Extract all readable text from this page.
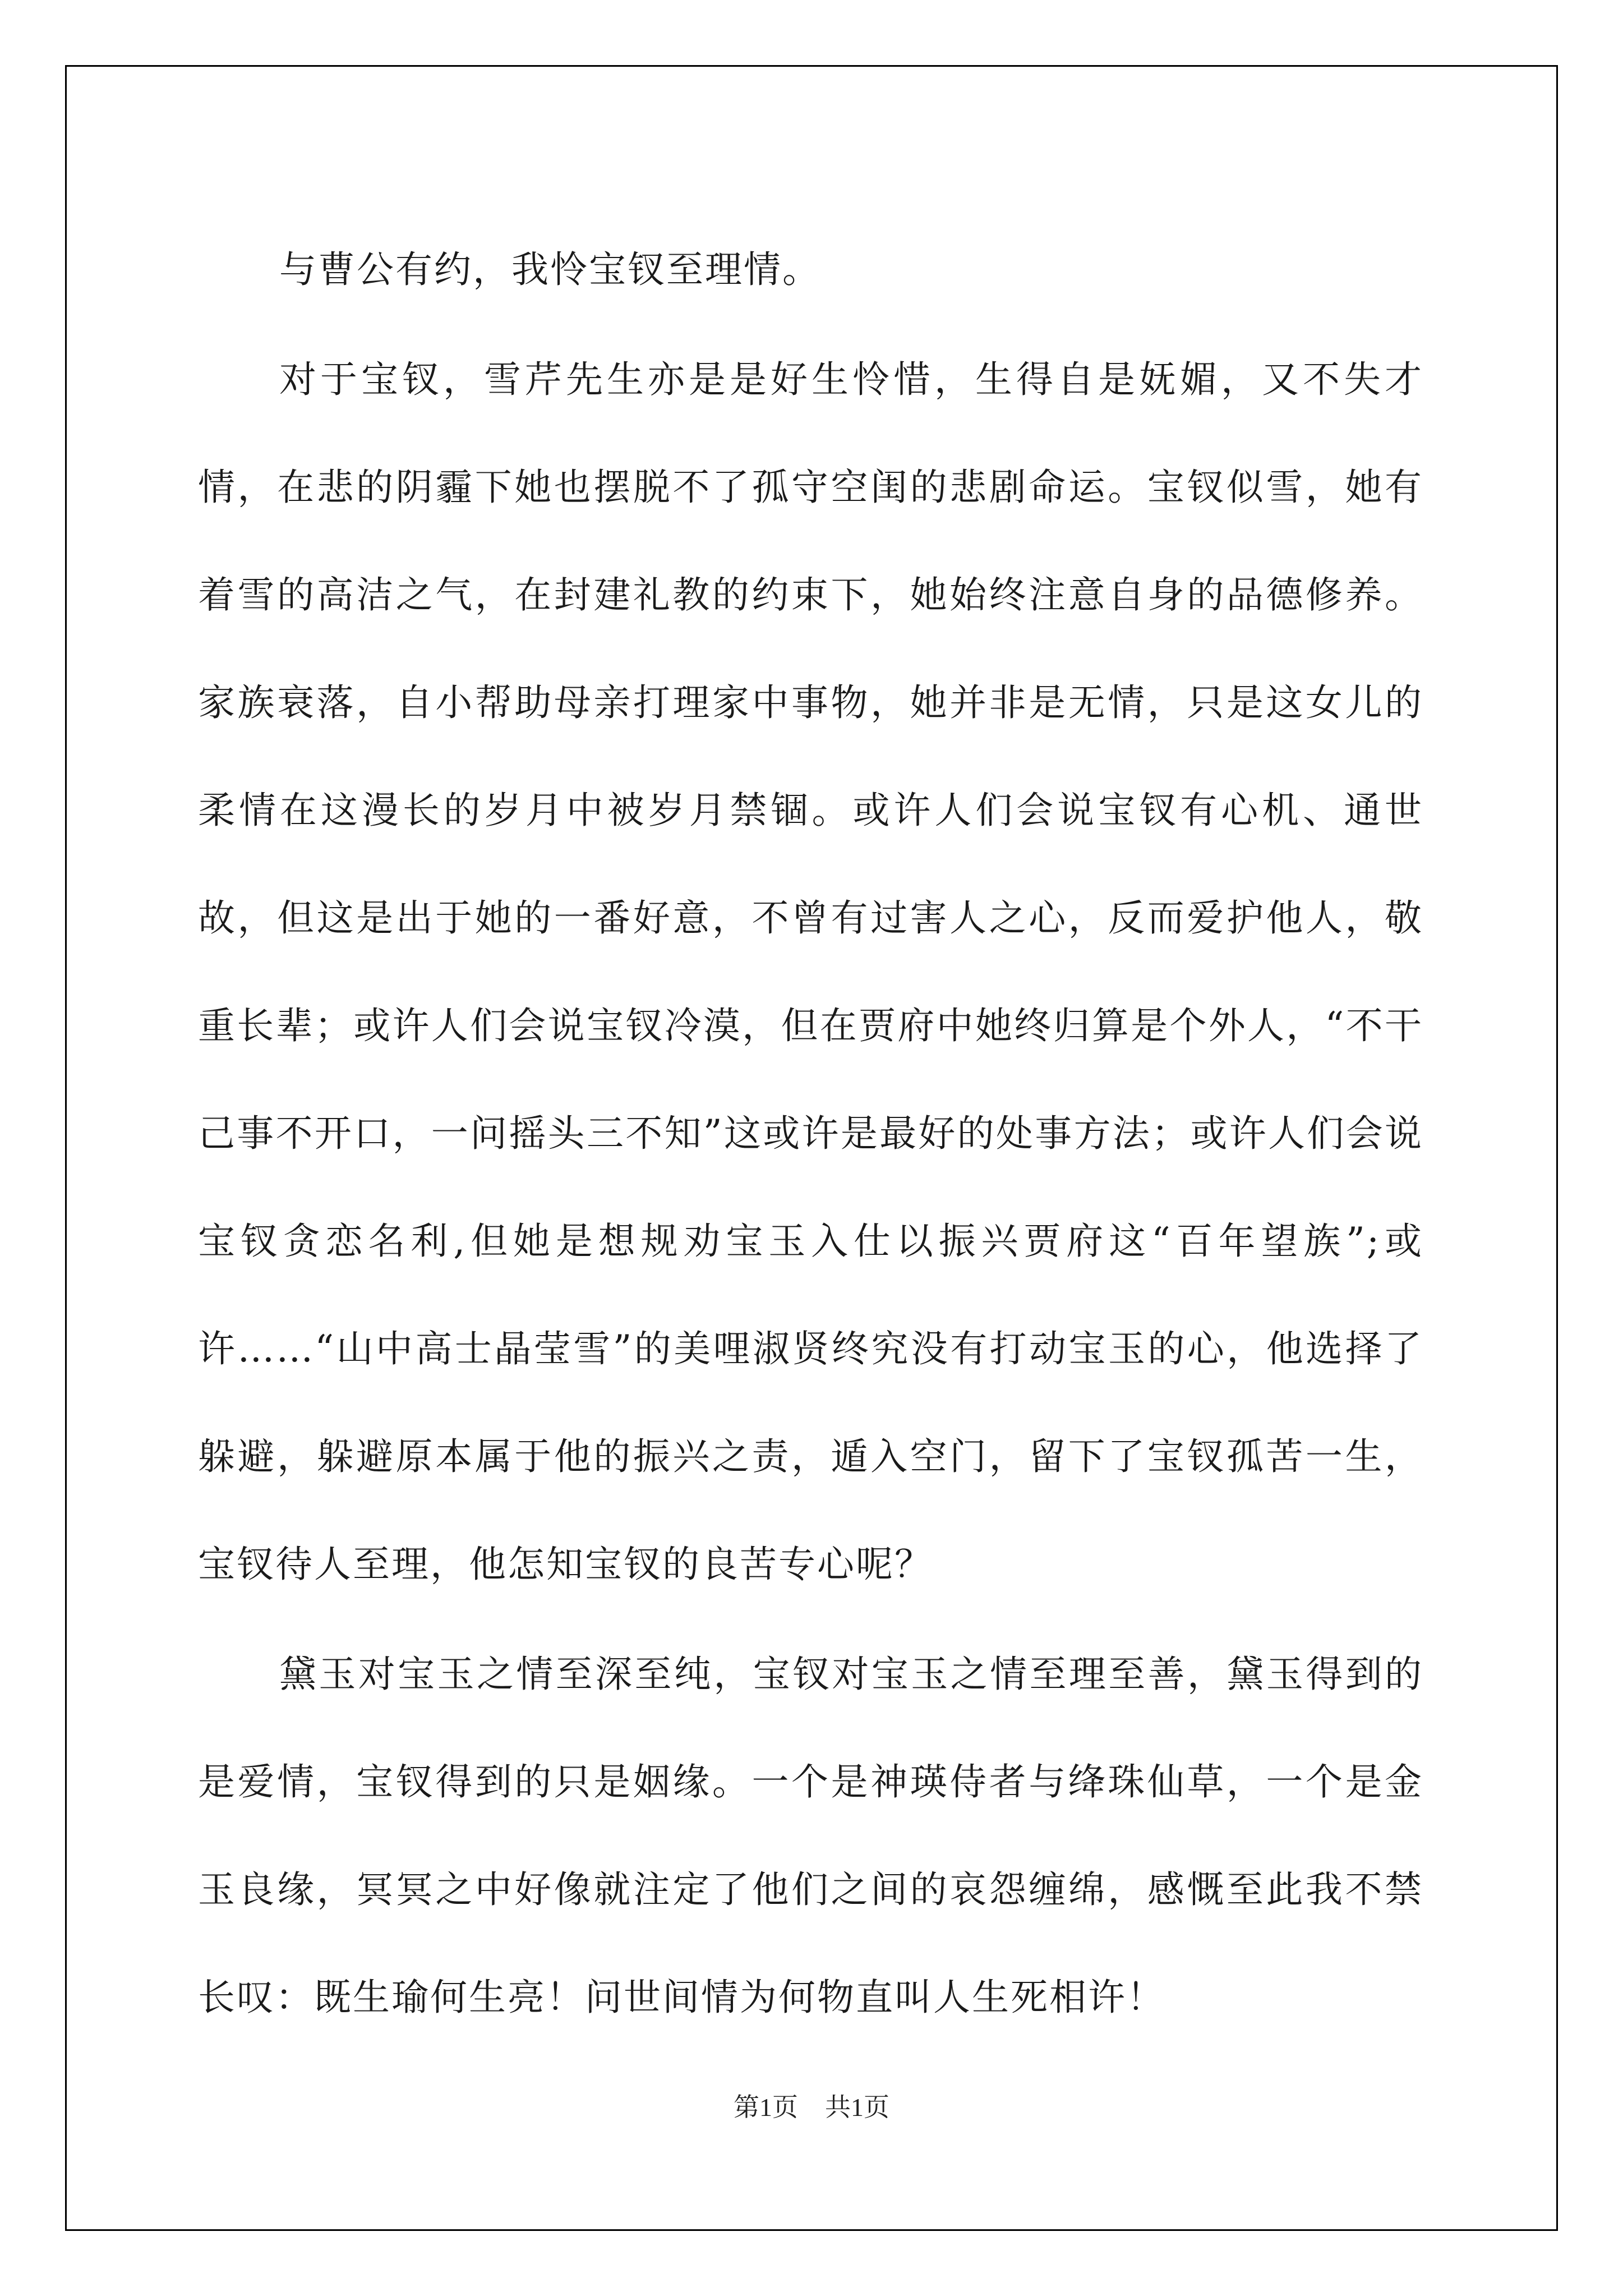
与曹公有约，我怜宝钗至理情。

对于宝钗，雪芹先生亦是是好生怜惜，生得自是妩媚，又不失才情，在悲的阴霾下她也摆脱不了孤守空闺的悲剧命运。宝钗似雪，她有着雪的高洁之气，在封建礼教的约束下，她始终注意自身的品德修养。家族衰落，自小帮助母亲打理家中事物，她并非是无情，只是这女儿的柔情在这漫长的岁月中被岁月禁锢。或许人们会说宝钗有心机、通世故，但这是出于她的一番好意，不曾有过害人之心，反而爱护他人，敬重长辈；或许人们会说宝钗冷漠，但在贾府中她终归算是个外人，“不干己事不开口，一问摇头三不知”这或许是最好的处事方法；或许人们会说宝钗贪恋名利,但她是想规劝宝玉入仕以振兴贾府这“百年望族”;或许……“山中高士晶莹雪”的美哩淑贤终究没有打动宝玉的心，他选择了躲避，躲避原本属于他的振兴之责，遁入空门，留下了宝钗孤苦一生，宝钗待人至理，他怎知宝钗的良苦专心呢？

黛玉对宝玉之情至深至纯，宝钗对宝玉之情至理至善，黛玉得到的是爱情，宝钗得到的只是姻缘。一个是神瑛侍者与绛珠仙草，一个是金玉良缘，冥冥之中好像就注定了他们之间的哀怨缠绵，感慨至此我不禁长叹：既生瑜何生亮！问世间情为何物直叫人生死相许！

第1页 共1页
